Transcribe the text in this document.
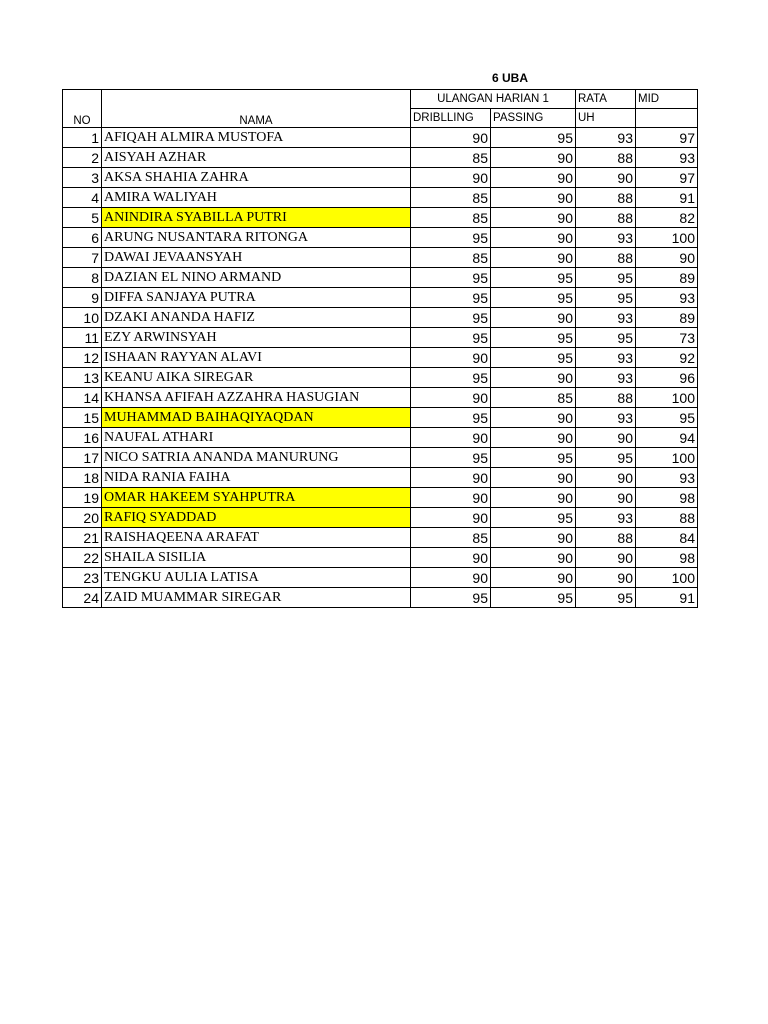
6 UBA
NO	NAMA	ULANGAN HARIAN 1		RATA	MID
		DRIBLLING	PASSING	UH	
1	AFIQAH ALMIRA MUSTOFA	90	95	93	97
2	AISYAH AZHAR	85	90	88	93
3	AKSA SHAHIA ZAHRA	90	90	90	97
4	AMIRA WALIYAH	85	90	88	91
5	ANINDIRA SYABILLA PUTRI	85	90	88	82
6	ARUNG NUSANTARA RITONGA	95	90	93	100
7	DAWAI JEVAANSYAH	85	90	88	90
8	DAZIAN EL NINO ARMAND	95	95	95	89
9	DIFFA SANJAYA PUTRA	95	95	95	93
10	DZAKI ANANDA HAFIZ	95	90	93	89
11	EZY ARWINSYAH	95	95	95	73
12	ISHAAN RAYYAN ALAVI	90	95	93	92
13	KEANU AIKA SIREGAR	95	90	93	96
14	KHANSA AFIFAH AZZAHRA HASUGIAN	90	85	88	100
15	MUHAMMAD BAIHAQIYAQDAN	95	90	93	95
16	NAUFAL ATHARI	90	90	90	94
17	NICO SATRIA ANANDA MANURUNG	95	95	95	100
18	NIDA RANIA FAIHA	90	90	90	93
19	OMAR HAKEEM SYAHPUTRA	90	90	90	98
20	RAFIQ SYADDAD	90	95	93	88
21	RAISHAQEENA ARAFAT	85	90	88	84
22	SHAILA SISILIA	90	90	90	98
23	TENGKU AULIA LATISA	90	90	90	100
24	ZAID MUAMMAR SIREGAR	95	95	95	91
